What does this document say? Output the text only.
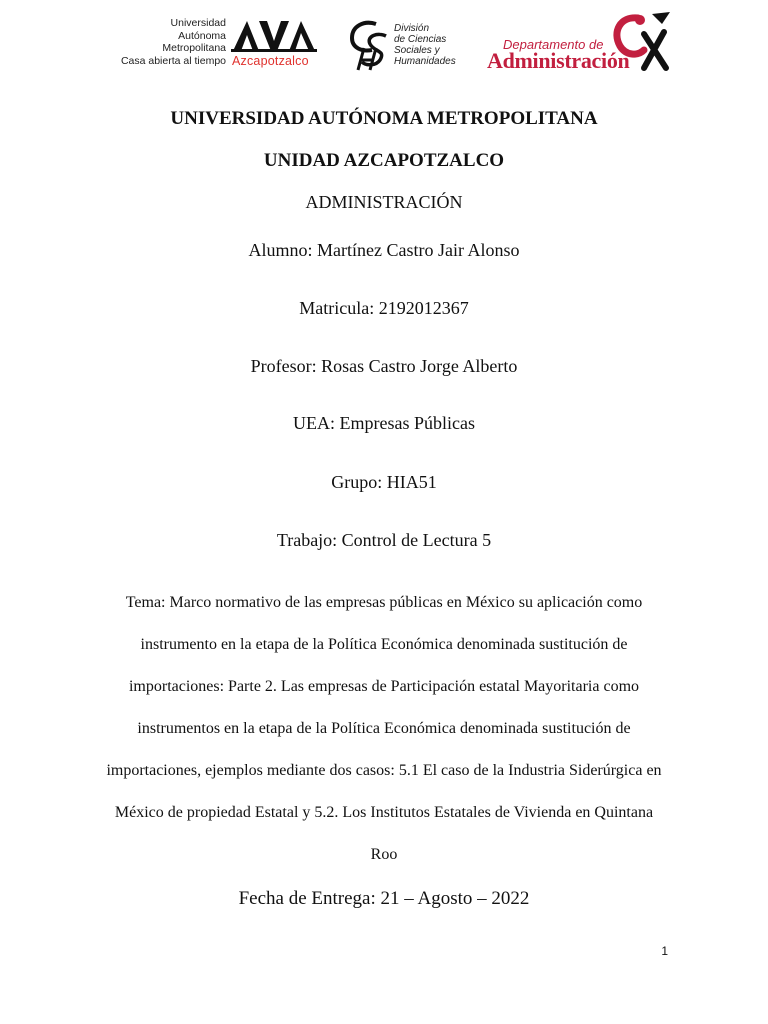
Universidad
Autónoma
Metropolitana
Casa abierta al tiempo Azcapotzalco
División
de Ciencias
Sociales y
Humanidades
Departamento de
Administración
UNIVERSIDAD AUTÓNOMA METROPOLITANA
UNIDAD AZCAPOTZALCO
ADMINISTRACIÓN
Alumno: Martínez Castro Jair Alonso
Matricula: 2192012367
Profesor: Rosas Castro Jorge Alberto
UEA: Empresas Públicas
Grupo: HIA51
Trabajo: Control de Lectura 5
Tema: Marco normativo de las empresas públicas en México su aplicación como instrumento en la etapa de la Política Económica denominada sustitución de importaciones: Parte 2. Las empresas de Participación estatal Mayoritaria como instrumentos en la etapa de la Política Económica denominada sustitución de importaciones, ejemplos mediante dos casos: 5.1 El caso de la Industria Siderúrgica en México de propiedad Estatal y 5.2. Los Institutos Estatales de Vivienda en Quintana Roo
Fecha de Entrega: 21 – Agosto – 2022
1
